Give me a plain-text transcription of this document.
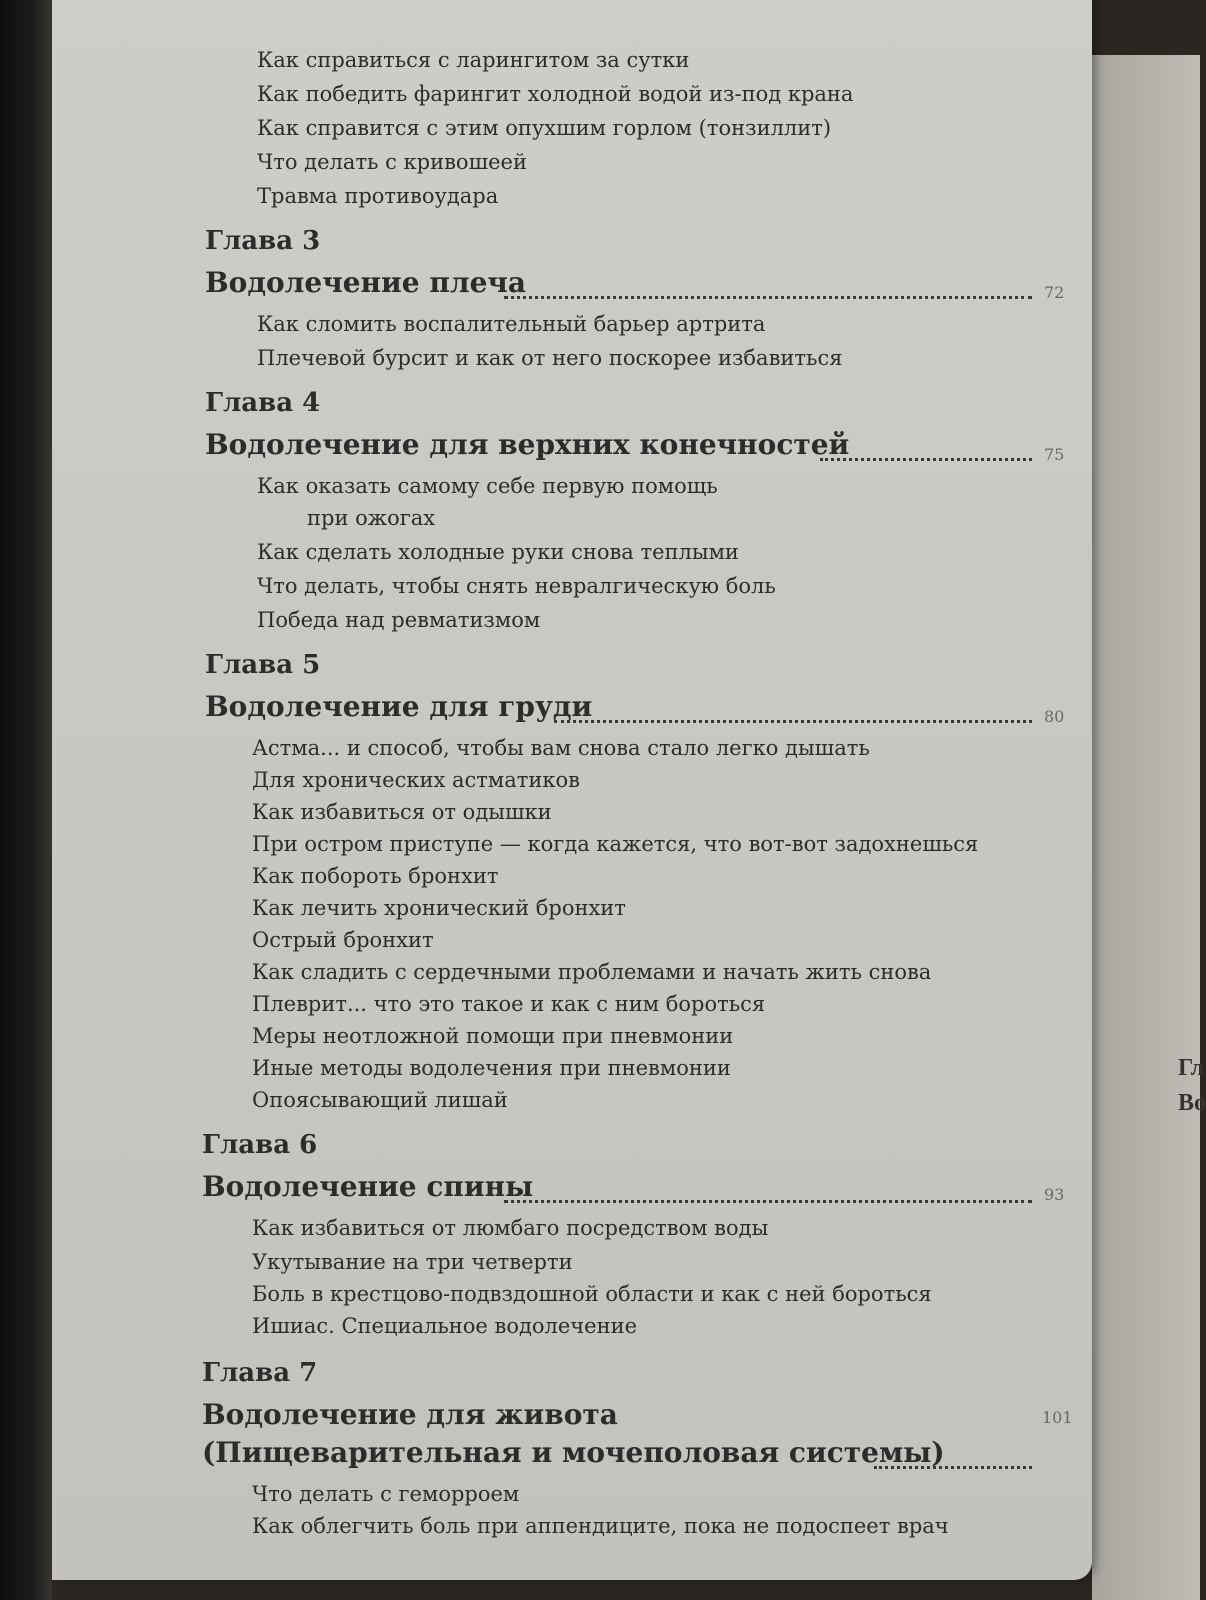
Гл
Во
Как справиться с ларингитом за сутки
Как победить фарингит холодной водой из-под крана
Как справится с этим опухшим горлом (тонзиллит)
Что делать с кривошеей
Травма противоудара
Глава 3
Водолечение плеча	72
Как сломить воспалительный барьер артрита
Плечевой бурсит и как от него поскорее избавиться
Глава 4
Водолечение для верхних конечностей	75
Как оказать самому себе первую помощь
при ожогах
Как сделать холодные руки снова теплыми
Что делать, чтобы снять невралгическую боль
Победа над ревматизмом
Глава 5
Водолечение для груди	80
Астма... и способ, чтобы вам снова стало легко дышать
Для хронических астматиков
Как избавиться от одышки
При остром приступе — когда кажется, что вот-вот задохнешься
Как побороть бронхит
Как лечить хронический бронхит
Острый бронхит
Как сладить с сердечными проблемами и начать жить снова
Плеврит... что это такое и как с ним бороться
Меры неотложной помощи при пневмонии
Иные методы водолечения при пневмонии
Опоясывающий лишай
Глава 6
Водолечение спины	93
Как избавиться от люмбаго посредством воды
Укутывание на три четверти
Боль в крестцово-подвздошной области и как с ней бороться
Ишиас. Специальное водолечение
Глава 7
Водолечение для живота	101
(Пищеварительная и мочеполовая системы)
Что делать с геморроем
Как облегчить боль при аппендиците, пока не подоспеет врач
